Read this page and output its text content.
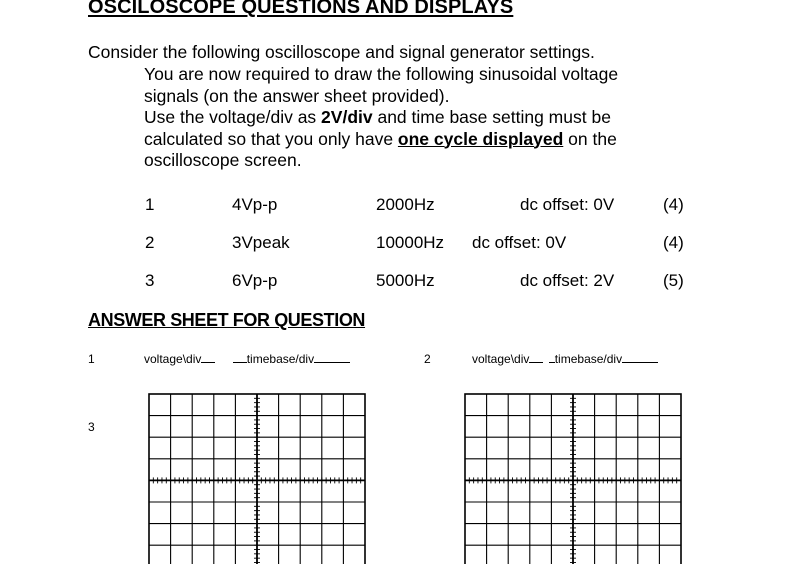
OSCILOSCOPE QUESTIONS AND DISPLAYS
Consider the following oscilloscope and signal generator settings.
You are now required to draw the following sinusoidal voltage
signals (on the answer sheet provided).
Use the voltage/div as 2V/div and time base setting must be
calculated so that you only have one cycle displayed on the
oscilloscope screen.
1	4Vp-p	2000Hz	dc offset: 0V	(4)
2	3Vpeak	10000Hz dc offset: 0V	(4)
3	6Vp-p	5000Hz	dc offset: 2V	(5)
ANSWER SHEET FOR QUESTION
1	voltage\div	timebase/div	2	voltage\div timebase/div
3
